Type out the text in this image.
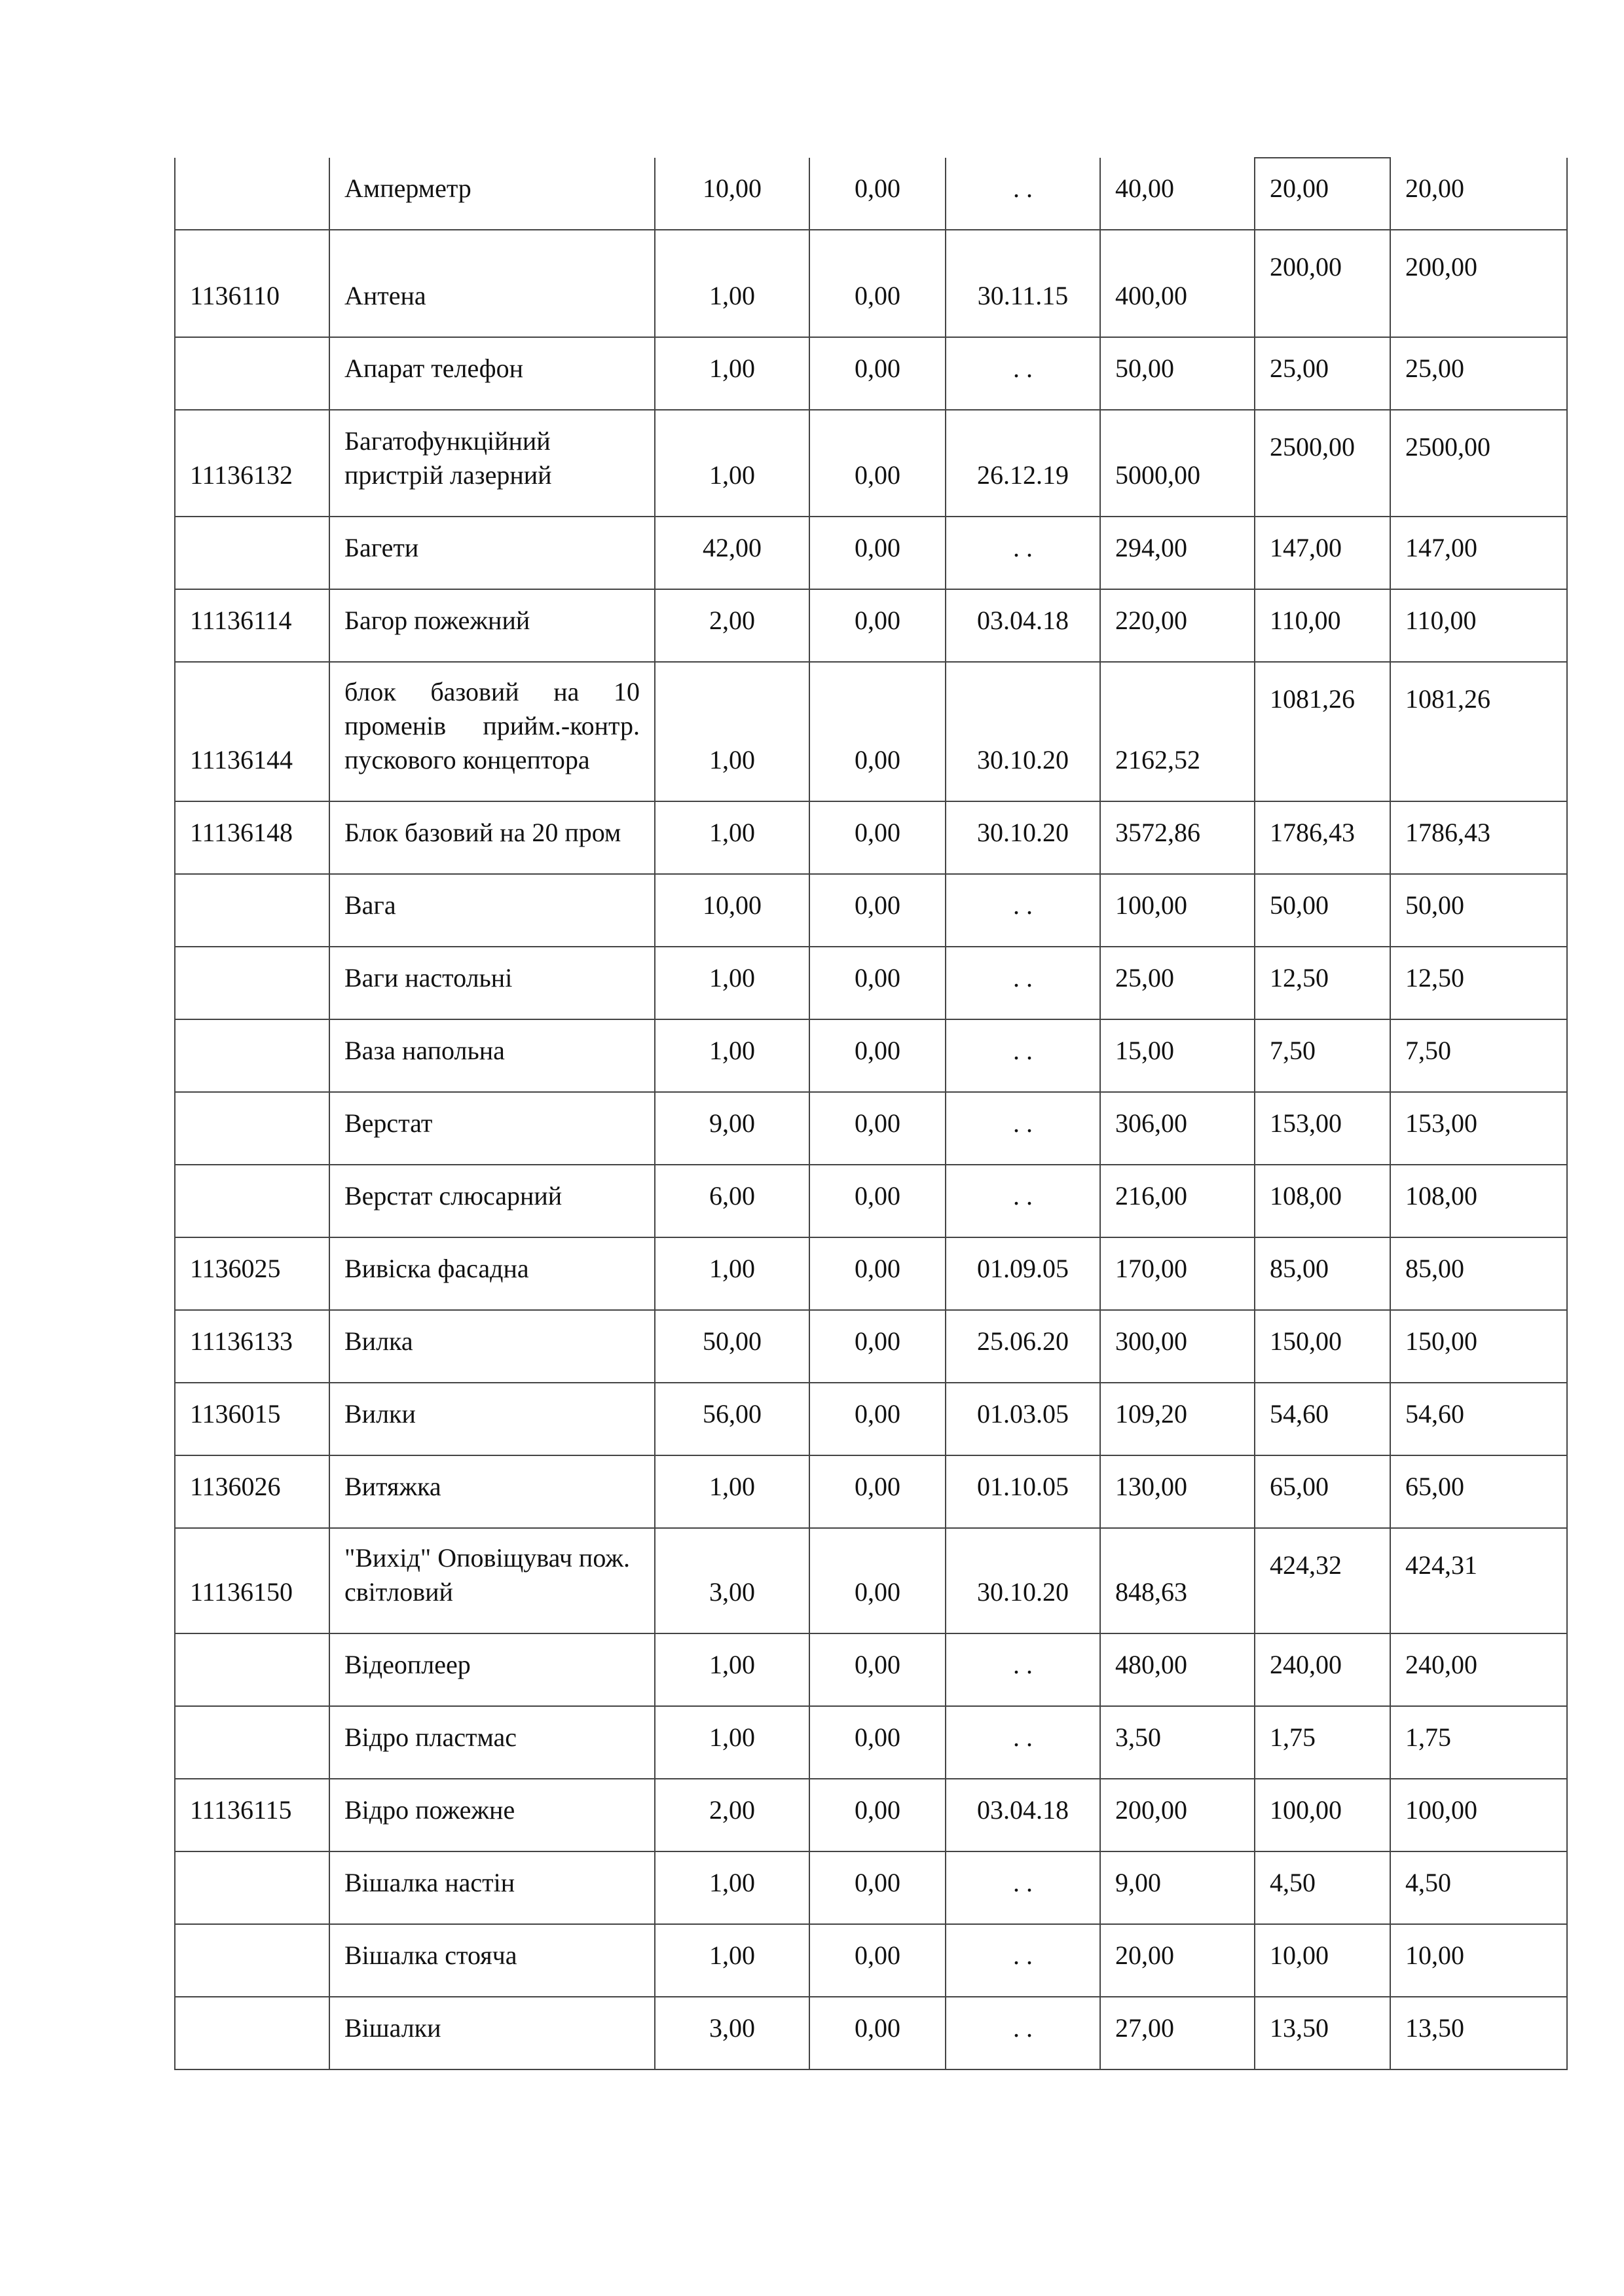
	Амперметр	10,00	0,00	. .	40,00	20,00	20,00
1136110	Антена	1,00	0,00	30.11.15	400,00	200,00	200,00
	Апарат телефон	1,00	0,00	. .	50,00	25,00	25,00
11136132	Багатофункційний пристрій лазерний	1,00	0,00	26.12.19	5000,00	2500,00	2500,00
	Багети	42,00	0,00	. .	294,00	147,00	147,00
11136114	Багор пожежний	2,00	0,00	03.04.18	220,00	110,00	110,00
11136144	блок базовий на 10 променів прийм.-контр. пускового концептора	1,00	0,00	30.10.20	2162,52	1081,26	1081,26
11136148	Блок базовий на 20 пром	1,00	0,00	30.10.20	3572,86	1786,43	1786,43
	Вага	10,00	0,00	. .	100,00	50,00	50,00
	Ваги настольні	1,00	0,00	. .	25,00	12,50	12,50
	Ваза напольна	1,00	0,00	. .	15,00	7,50	7,50
	Верстат	9,00	0,00	. .	306,00	153,00	153,00
	Верстат слюсарний	6,00	0,00	. .	216,00	108,00	108,00
1136025	Вивіска фасадна	1,00	0,00	01.09.05	170,00	85,00	85,00
11136133	Вилка	50,00	0,00	25.06.20	300,00	150,00	150,00
1136015	Вилки	56,00	0,00	01.03.05	109,20	54,60	54,60
1136026	Витяжка	1,00	0,00	01.10.05	130,00	65,00	65,00
11136150	"Вихід" Оповіщувач пож. світловий	3,00	0,00	30.10.20	848,63	424,32	424,31
	Відеоплеер	1,00	0,00	. .	480,00	240,00	240,00
	Відро пластмас	1,00	0,00	. .	3,50	1,75	1,75
11136115	Відро пожежне	2,00	0,00	03.04.18	200,00	100,00	100,00
	Вішалка настін	1,00	0,00	. .	9,00	4,50	4,50
	Вішалка стояча	1,00	0,00	. .	20,00	10,00	10,00
	Вішалки	3,00	0,00	. .	27,00	13,50	13,50
